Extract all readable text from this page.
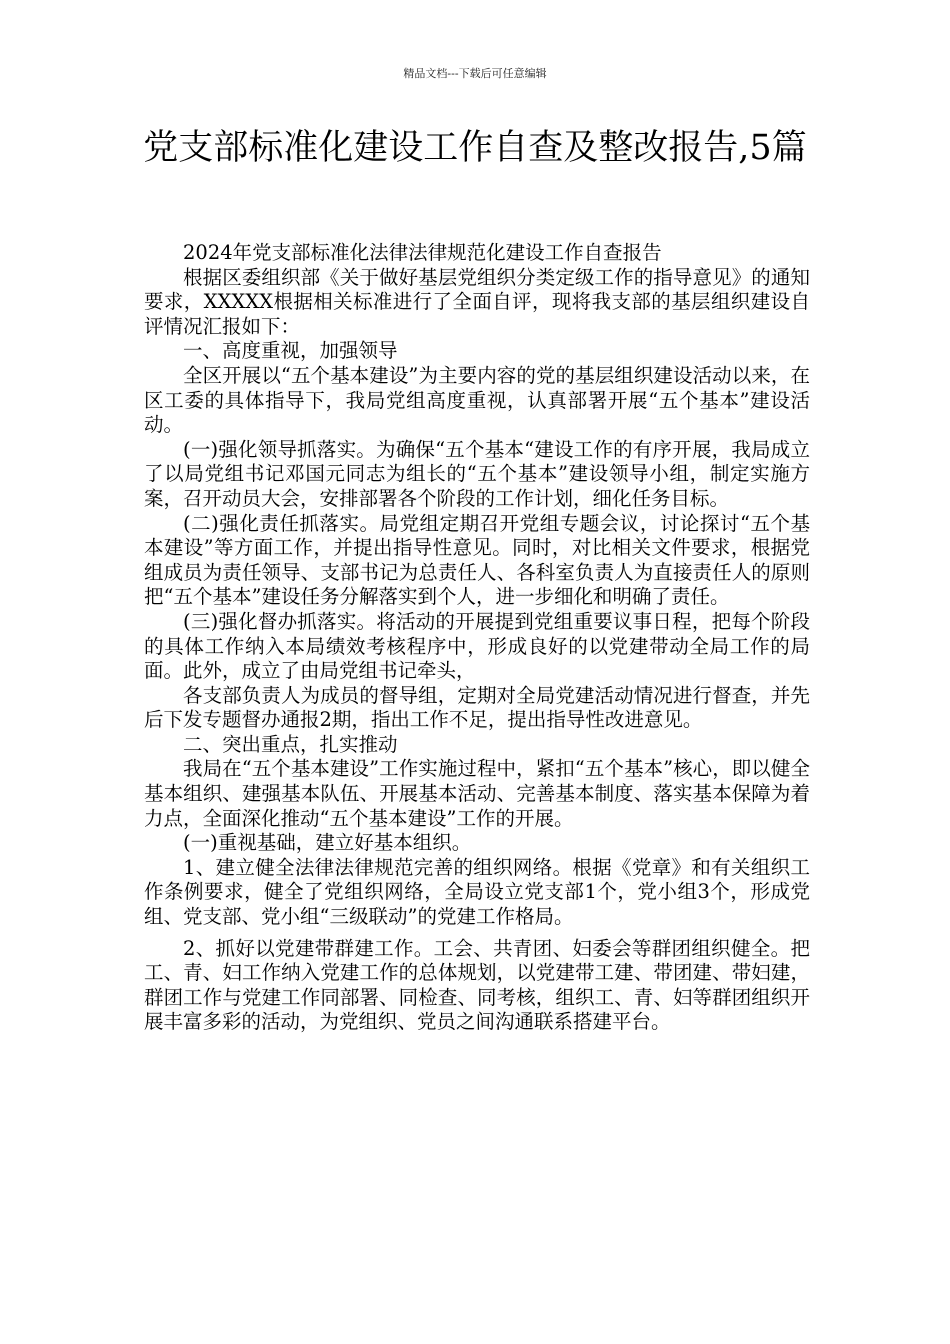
精品文档---下载后可任意编辑
党支部标准化建设工作自查及整改报告,5篇

2024年党支部标准化法律法律规范化建设工作自查报告

根据区委组织部《关于做好基层党组织分类定级工作的指导意见》的通知要求，XXXXX根据相关标准进行了全面自评，现将我支部的基层组织建设自评情况汇报如下：

一、高度重视，加强领导

全区开展以“五个基本建设”为主要内容的党的基层组织建设活动以来，在区工委的具体指导下，我局党组高度重视，认真部署开展“五个基本”建设活动。

(一)强化领导抓落实。为确保“五个基本“建设工作的有序开展，我局成立了以局党组书记邓国元同志为组长的“五个基本”建设领导小组，制定实施方案，召开动员大会，安排部署各个阶段的工作计划，细化任务目标。

(二)强化责任抓落实。局党组定期召开党组专题会议，讨论探讨“五个基本建设”等方面工作，并提出指导性意见。同时，对比相关文件要求，根据党组成员为责任领导、支部书记为总责任人、各科室负责人为直接责任人的原则把“五个基本”建设任务分解落实到个人，进一步细化和明确了责任。

(三)强化督办抓落实。将活动的开展提到党组重要议事日程，把每个阶段的具体工作纳入本局绩效考核程序中，形成良好的以党建带动全局工作的局面。此外，成立了由局党组书记牵头，

各支部负责人为成员的督导组，定期对全局党建活动情况进行督查，并先后下发专题督办通报2期，指出工作不足，提出指导性改进意见。

二、突出重点，扎实推动

我局在“五个基本建设”工作实施过程中，紧扣“五个基本”核心，即以健全基本组织、建强基本队伍、开展基本活动、完善基本制度、落实基本保障为着力点，全面深化推动“五个基本建设”工作的开展。

(一)重视基础，建立好基本组织。

1、建立健全法律法律规范完善的组织网络。根据《党章》和有关组织工作条例要求，健全了党组织网络，全局设立党支部1个，党小组3个，形成党组、党支部、党小组“三级联动”的党建工作格局。

2、抓好以党建带群建工作。工会、共青团、妇委会等群团组织健全。把工、青、妇工作纳入党建工作的总体规划，以党建带工建、带团建、带妇建，群团工作与党建工作同部署、同检查、同考核，组织工、青、妇等群团组织开展丰富多彩的活动，为党组织、党员之间沟通联系搭建平台。
